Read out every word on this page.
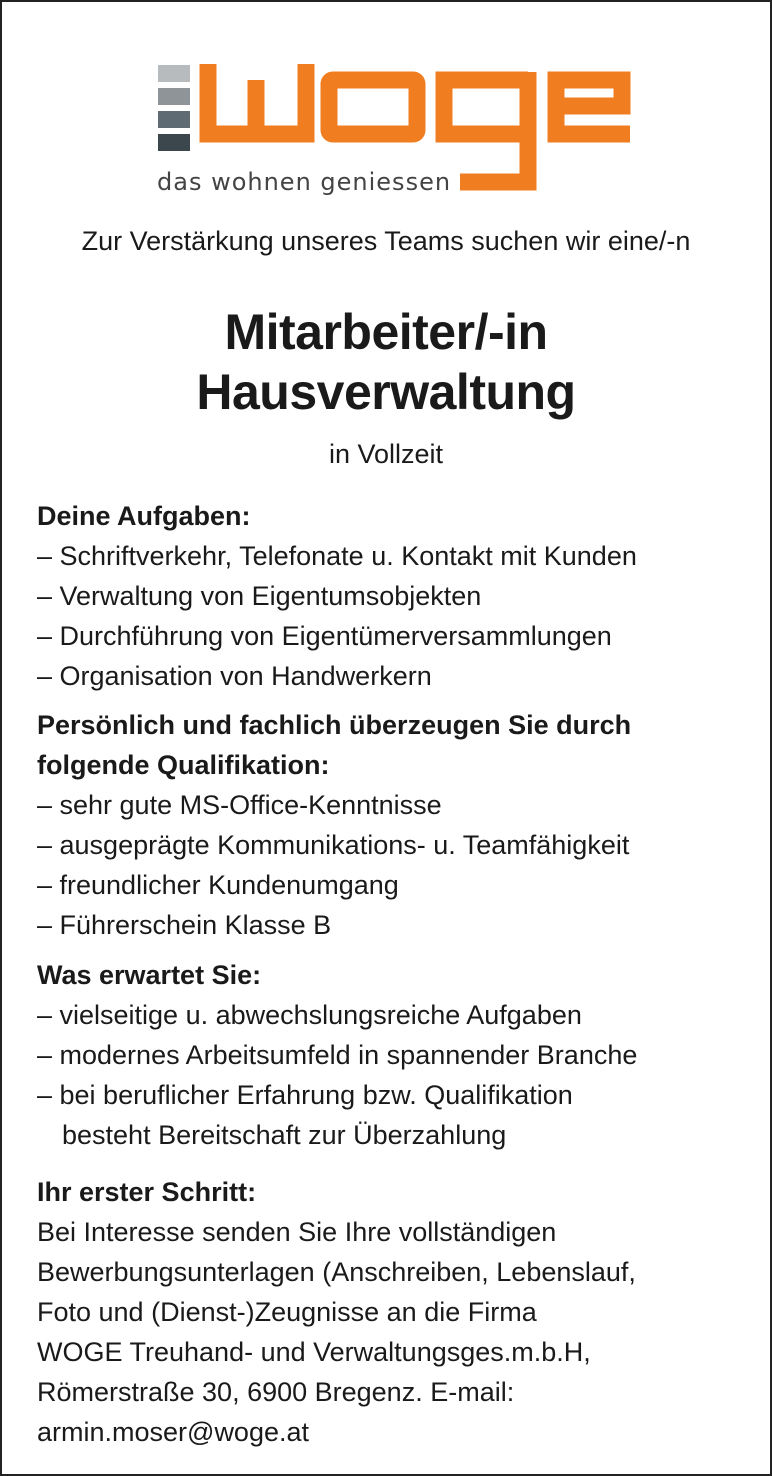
das wohnen geniessen
Zur Verstärkung unseres Teams suchen wir eine/-n
Mitarbeiter/-in
Hausverwaltung
in Vollzeit
Deine Aufgaben:
– Schriftverkehr, Telefonate u. Kontakt mit Kunden
– Verwaltung von Eigentumsobjekten
– Durchführung von Eigentümerversammlungen
– Organisation von Handwerkern
Persönlich und fachlich überzeugen Sie durch
folgende Qualifikation:
– sehr gute MS-Office-Kenntnisse
– ausgeprägte Kommunikations- u. Teamfähigkeit
– freundlicher Kundenumgang
– Führerschein Klasse B
Was erwartet Sie:
– vielseitige u. abwechslungsreiche Aufgaben
– modernes Arbeitsumfeld in spannender Branche
– bei beruflicher Erfahrung bzw. Qualifikation
besteht Bereitschaft zur Überzahlung
Ihr erster Schritt:

Bei Interesse senden Sie Ihre vollständigen
Bewerbungsunterlagen (Anschreiben, Lebenslauf,
Foto und (Dienst-)Zeugnisse an die Firma
WOGE Treuhand- und Verwaltungsges.m.b.H,
Römerstraße 30, 6900 Bregenz. E-mail:
armin.moser@woge.at
